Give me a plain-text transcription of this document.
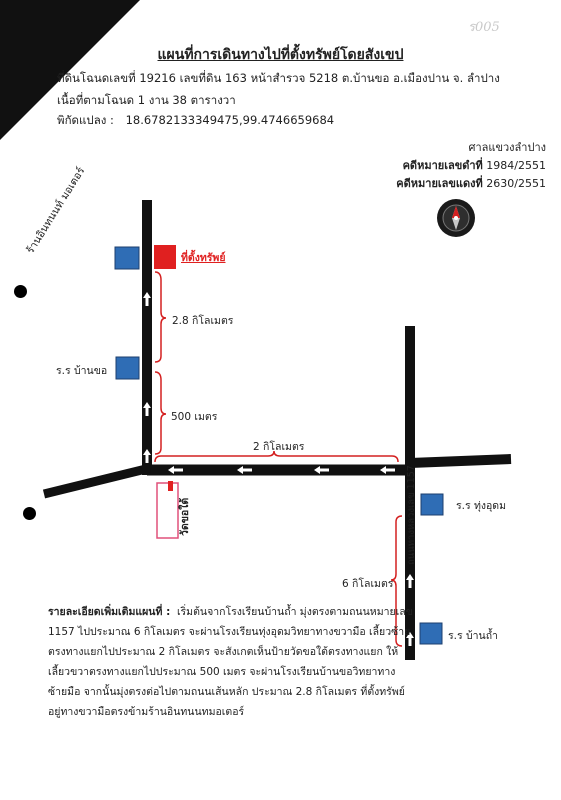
ร005
แผนที่การเดินทางไปที่ตั้งทรัพย์โดยสังเขป
ที่ดินโฉนดเลขที่ 19216 เลขที่ดิน 163 หน้าสำรวจ 5218 ต.บ้านขอ อ.เมืองปาน จ. ลำปาง
เนื้อที่ตามโฉนด 1 งาน 38 ตารางวา
พิกัดแปลง : 18.6782133349475,99.4746659684
ศาลแขวงลำปาง
คดีหมายเลขดำที่ 1984/2551
คดีหมายเลขแดงที่ 2630/2551
ร้านอินทนนท์ มอเตอร์
ที่ตั้งทรัพย์
2.8 กิโลเมตร
ร.ร บ้านขอ
500 เมตร
2 กิโลเมตร
วัดขอใต้	ถนนทางหลวงเลข 1157	ร.ร ทุ่งอุดม
6 กิโลเมตร
ร.ร บ้านถ้ำ
รายละเอียดเพิ่มเติมแผนที่ : เริ่มต้นจากโรงเรียนบ้านถ้ำ มุ่งตรงตามถนนหมายเลข
1157 ไปประมาณ 6 กิโลเมตร จะผ่านโรงเรียนทุ่งอุดมวิทยาทางขวามือ เลี้ยวซ้าย
ตรงทางแยกไปประมาณ 2 กิโลเมตร จะสังเกตเห็นป้ายวัดขอใต้ตรงทางแยก ให้
เลี้ยวขวาตรงทางแยกไปประมาณ 500 เมตร จะผ่านโรงเรียนบ้านขอวิทยาทาง
ซ้ายมือ จากนั้นมุ่งตรงต่อไปตามถนนเส้นหลัก ประมาณ 2.8 กิโลเมตร ที่ตั้งทรัพย์
อยู่ทางขวามือตรงข้ามร้านอินทนนทมอเตอร์
